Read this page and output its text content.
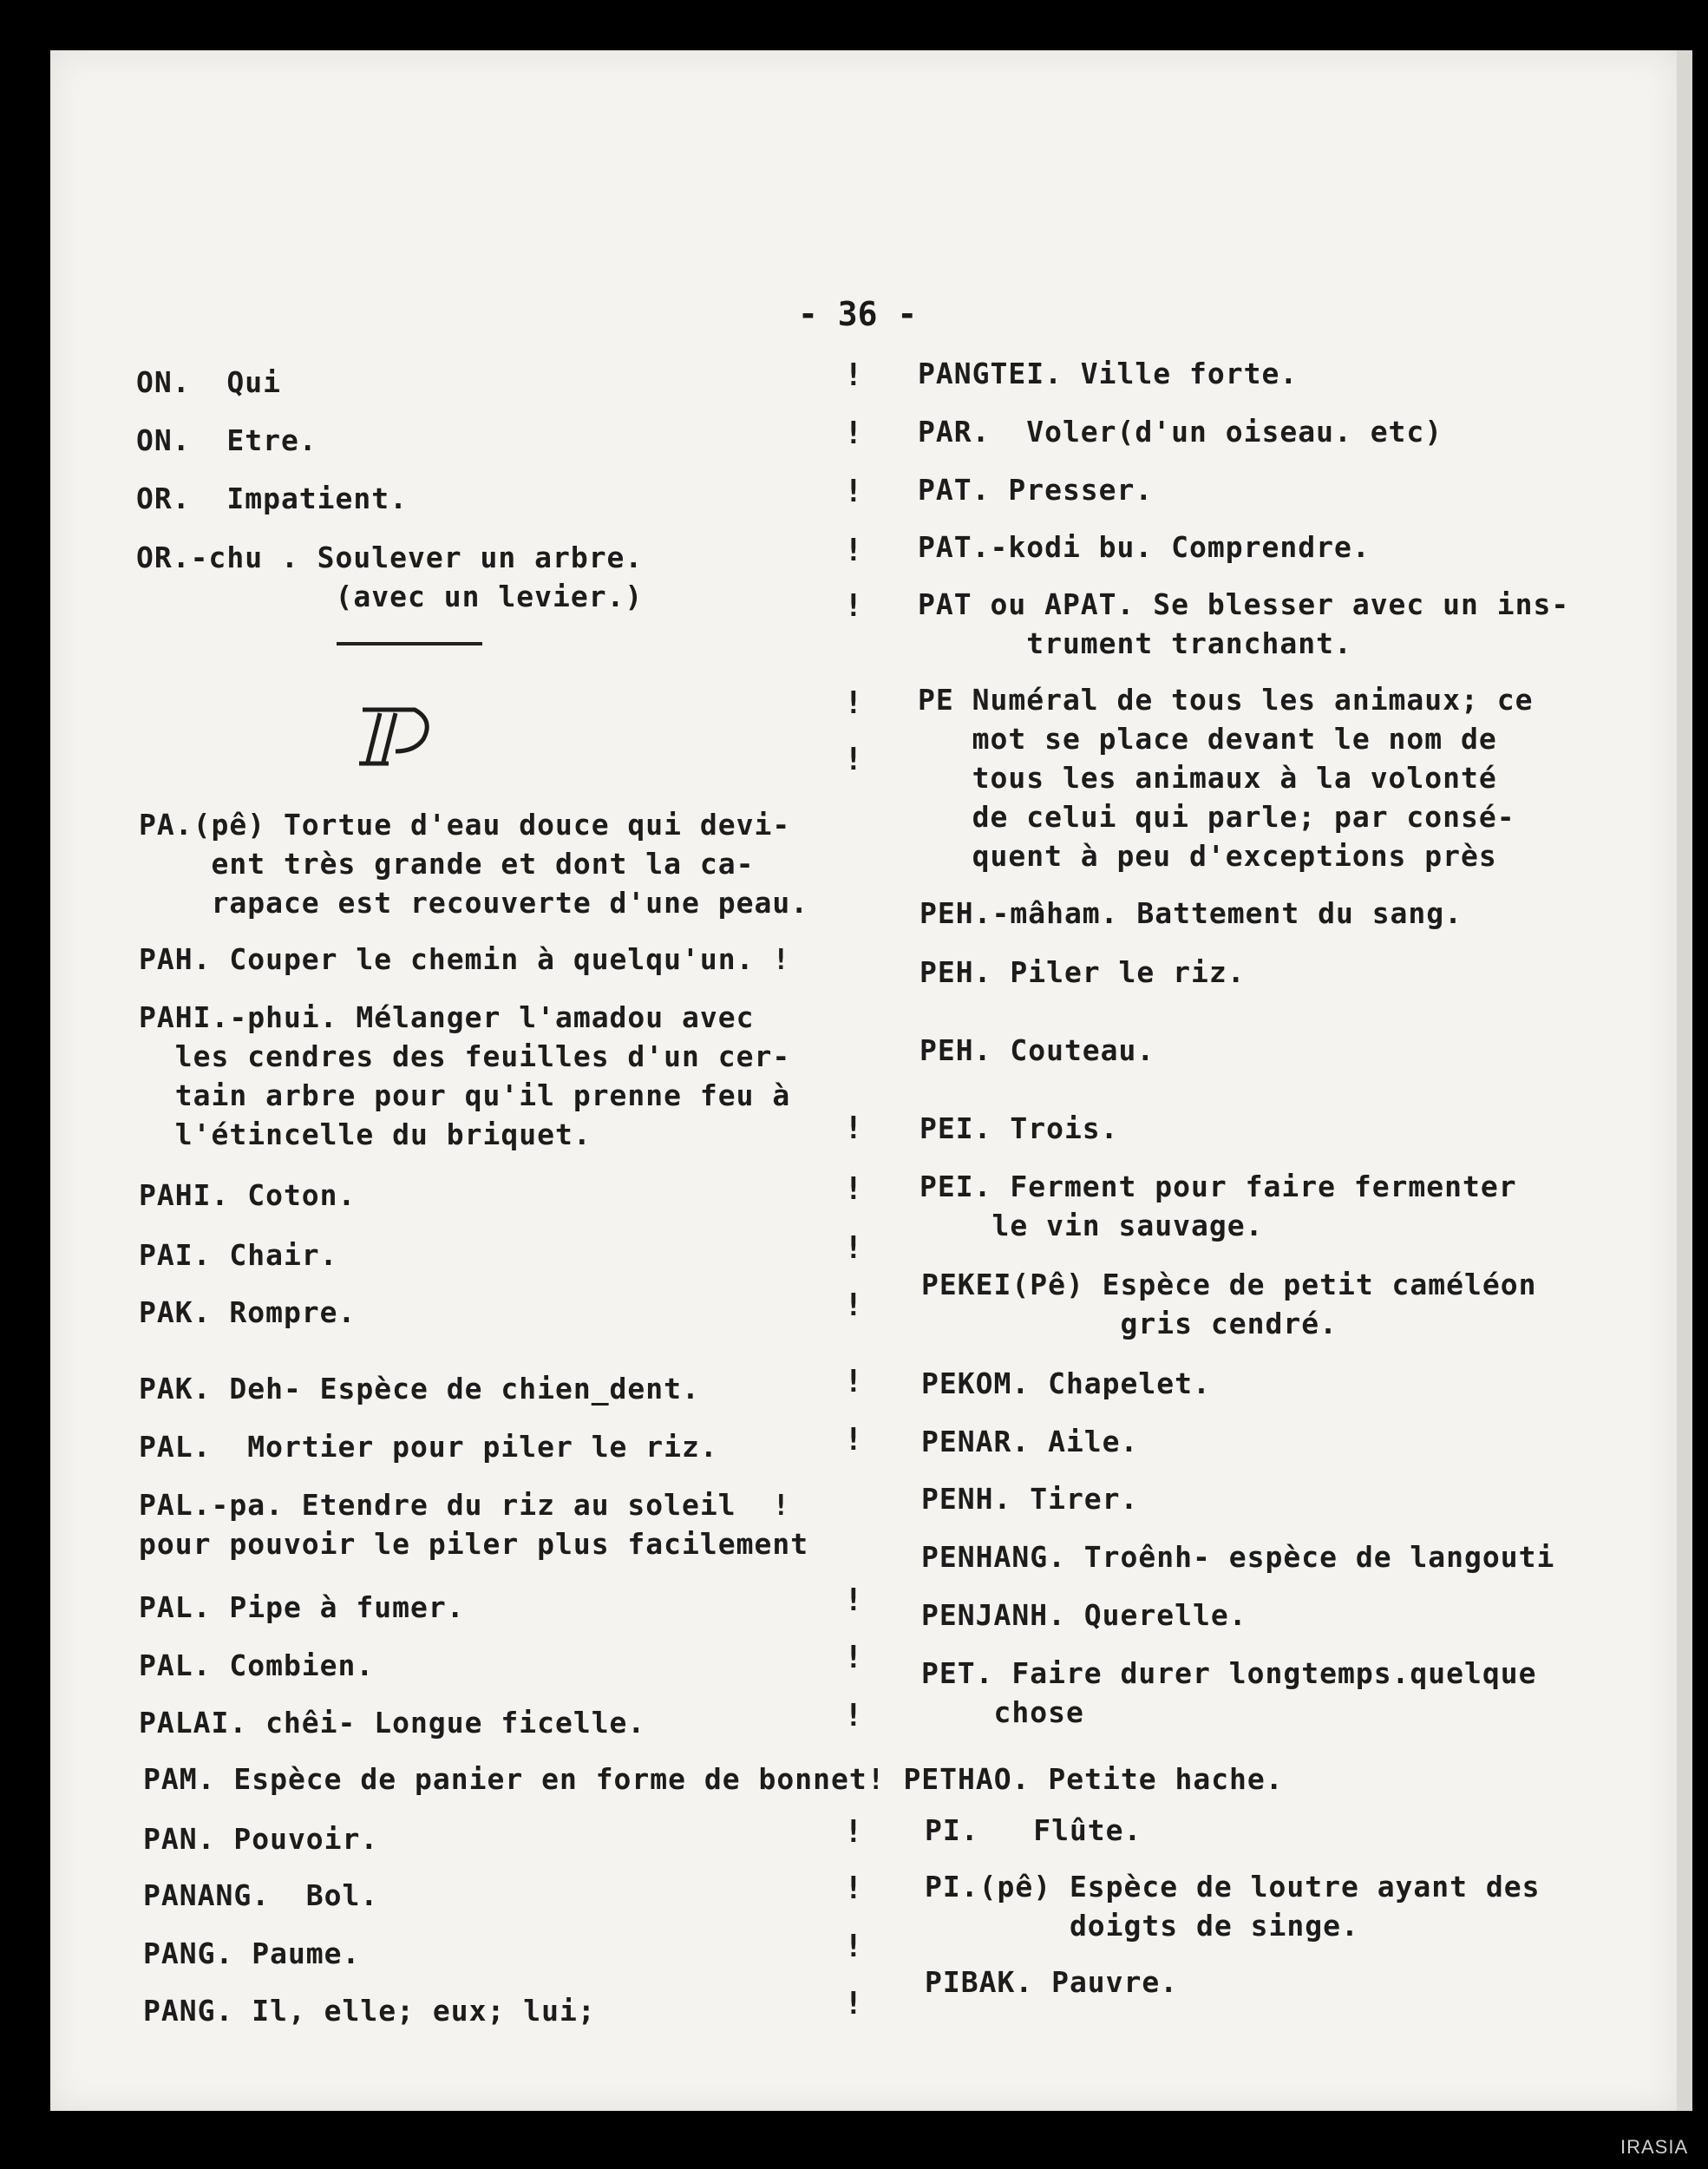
- 36 -
ON.  Qui
ON.  Etre.
OR.  Impatient.
OR.-chu . Soulever un arbre.
(avec un levier.)
PA.(pê) Tortue d'eau douce qui devi-
ent très grande et dont la ca-
rapace est recouverte d'une peau.
PAH. Couper le chemin à quelqu'un. !
PAHI.-phui. Mélanger l'amadou avec
les cendres des feuilles d'un cer-
tain arbre pour qu'il prenne feu à
l'étincelle du briquet.
PAHI. Coton.
PAI. Chair.
PAK. Rompre.
PAK. Deh- Espèce de chien_dent.
PAL.  Mortier pour piler le riz.
PAL.-pa. Etendre du riz au soleil  !
pour pouvoir le piler plus facilement
PAL. Pipe à fumer.
PAL. Combien.
PALAI. chêi- Longue ficelle.
PAM. Espèce de panier en forme de bonnet! PETHAO. Petite hache.
PAN. Pouvoir.
PANANG.  Bol.
PANG. Paume.
PANG. Il, elle; eux; lui;
!
!
!
!
!
!
!
!
!
!
!
!
!
!
!
!
!
!
!
!
PANGTEI. Ville forte.
PAR.  Voler(d'un oiseau. etc)
PAT. Presser.
PAT.-kodi bu. Comprendre.
PAT ou APAT. Se blesser avec un ins-
trument tranchant.
PE Numéral de tous les animaux; ce
mot se place devant le nom de
tous les animaux à la volonté
de celui qui parle; par consé-
quent à peu d'exceptions près
PEH.-mâham. Battement du sang.
PEH. Piler le riz.
PEH. Couteau.
PEI. Trois.
PEI. Ferment pour faire fermenter
le vin sauvage.
PEKEI(Pê) Espèce de petit caméléon
gris cendré.
PEKOM. Chapelet.
PENAR. Aile.
PENH. Tirer.
PENHANG. Troênh- espèce de langouti
PENJANH. Querelle.
PET. Faire durer longtemps.quelque
chose
PI.   Flûte.
PI.(pê) Espèce de loutre ayant des
doigts de singe.
PIBAK. Pauvre.
IRASIA
